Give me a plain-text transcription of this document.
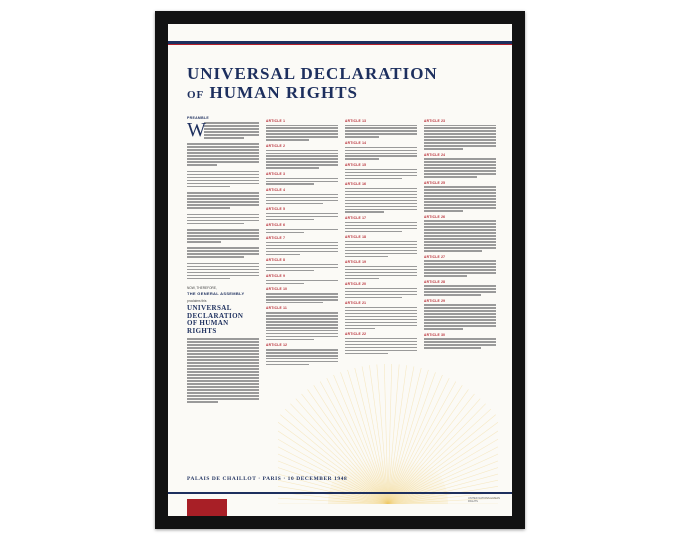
UNIVERSAL DECLARATION
OF HUMAN RIGHTS
PREAMBLE
W
NOW, THEREFORE,
THE GENERAL ASSEMBLY
proclaims this
UNIVERSAL
DECLARATION
OF HUMAN RIGHTS
ARTICLE 1
ARTICLE 2
ARTICLE 3
ARTICLE 4
ARTICLE 5
ARTICLE 6
ARTICLE 7
ARTICLE 8
ARTICLE 9
ARTICLE 10
ARTICLE 11
ARTICLE 12
ARTICLE 13
ARTICLE 14
ARTICLE 15
ARTICLE 16
ARTICLE 17
ARTICLE 18
ARTICLE 19
ARTICLE 20
ARTICLE 21
ARTICLE 22
ARTICLE 23
ARTICLE 24
ARTICLE 25
ARTICLE 26
ARTICLE 27
ARTICLE 28
ARTICLE 29
ARTICLE 30
PALAIS DE CHAILLOT · PARIS · 10 DECEMBER 1948
UNITED NATIONS HUMAN RIGHTS
